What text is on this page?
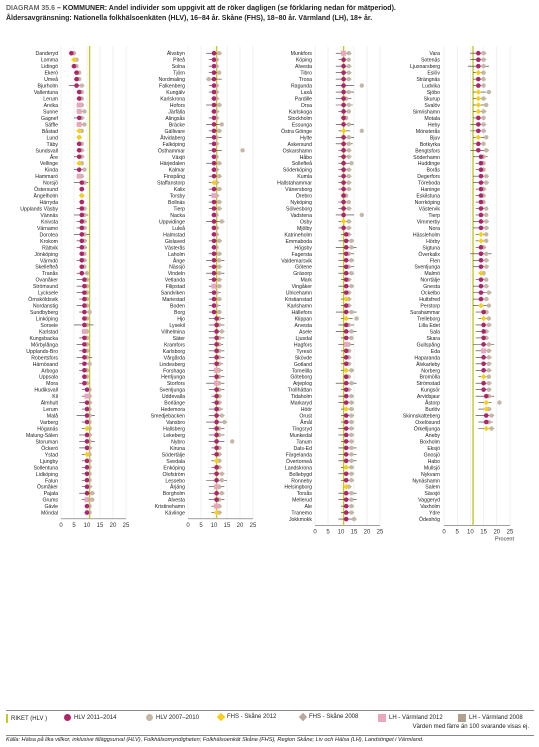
DIAGRAM 35.6 – KOMMUNER: Andel individer som uppgivit att de röker dagligen (se förklaring nedan för mätperiod).
Åldersavgränsning: Nationella folkhälsoenkäten (HLV), 16–84 år. Skåne (FHS), 18–80 år. Värmland (LH), 18+ år.
0 5 10 15 20 25
Danderyd
Lomma
Lidingö
Ekerö
Umeå
Bjurholm
Vallentuna
Lerum
Arvika
Sunne
Gagnef
Säffle
Båstad
Lund
Täby
Sundsvall
Åre
Vellinge
Kinda
Hammarö
Norsjö
Östersund
Ängelholm
Härryda
Upplands Väsby
Vännäs
Knivsta
Värnamo
Dorotea
Krokom
Rättvik
Jönköping
Värmdö
Skellefteå
Tranås
Ovanåker
Strömsund
Lycksele
Örnsköldsvik
Nordanstig
Sundbyberg
Linköping
Sorsele
Karlstad
Kungsbacka
Mörbylånga
Upplands-Bro
Robertsfors
Härnösand
Arboga
Uppsala
Mora
Hudiksvall
Kil
Älmhult
Lerum
Malå
Varberg
Höganäs
Malung-Sälen
Storuman
Öckerö
Ystad
Ljungby
Sollentuna
Lidköping
Falun
Ösmåker
Pajala
Grums
Gävle
Möndal
0 5 10 15 20 25
Älvsbyn
Piteå
Solna
Tjörn
Nordmaling
Falkenberg
Kungälv
Karlskrona
Hofors
Järfälla
Alingsås
Bräcke
Gällivare
Åtvidaberg
Falköping
Östhammar
Växjö
Härjedalen
Kalmar
Finspång
Staffanstorp
Kalix
Torsby
Bollnäs
Tierp
Nacka
Uppvidinge
Luleå
Halmstad
Gislaved
Västerås
Laholm
Ånge
Nässjö
Vindeln
Vetlanda
Filipstad
Sandviken
Mariestad
Boden
Borg
Hjo
Lysekil
Vilhelmina
Säter
Kramfors
Karlsborg
Vårgårda
Lindesberg
Forshaga
Herrljunga
Storfors
Svenljunga
Uddevalla
Borlänge
Hedemora
Smedjebacken
Vansbro
Hallsberg
Lekeberg
Nybro
Kiruna
Södertälje
Svedala
Enköping
Olofström
Lessebo
Årjäng
Borgholm
Alvesta
Kristinehamn
Kävlinge
0 5 10 15 20 25
Munkfors
Köping
Alvesta
Tibro
Trosa
Ragunda
Laxå
Pardille
Orsa
Karlskoga
Stockholm
Essunga
Östra Göinge
Hylte
Askersund
Oskarshamn
Håbo
Sollefteå
Söderköping
Kumla
Hallstahammar
Vänersborg
Örebro
Nyköping
Sölvesborg
Vadstena
Osby
Mjölby
Katrineholm
Emmaboda
Högsby
Fagersta
Valdemarsvik
Götene
Gräsorp
Mark
Vingåker
Ulricehamn
Kristianstad
Karlshamn
Hällefors
Klippan
Arvesta
Asele
Ljusdal
Hagfors
Tyresö
Skövde
Gotland
Tomelilla
Göteborg
Arjeplog
Trollhättan
Tidaholm
Markaryd
Höör
Orust
Åmål
Tingsryd
Munkedal
Tanum
Dals-Ed
Färgelanda
Övertorneå
Landskrona
Bollebygd
Ronneby
Helsingborg
Torsås
Mellerud
Ale
Tranemo
Jokkmokk
0 5 10 15 20 25
Vara
Sotenäs
Ljusnarsberg
Eslöv
Strängnäs
Ludvika
Sjöbo
Skurup
Svalöv
Simrishamn
Motala
Heby
Mönsterås
Bjuv
Botkyrka
Bengtsfors
Söderhamn
Huddinge
Borås
Degerfors
Töreboda
Haninge
Eskilstuna
Norrköping
Västervik
Tierp
Vimmerby
Nora
Hässleholm
Hörby
Sigtuna
Överkalix
Flen
Svenljunga
Malmö
Norrtälje
Gnesta
Ockelbo
Hultsfred
Perstorp
Surahammar
Trelleborg
Lilla Edet
Sala
Skara
Gullspång
Eda
Haparanda
Älvkarleby
Norberg
Bromölla
Strömstad
Kungsör
Arvidsjaur
Åstorp
Burlöv
Skinnskatteberg
Oxelösund
Örkelljunga
Aneby
Boxholm
Eksjö
Gnosjö
Habo
Mullsjö
Nykvarn
Nynäshamn
Salem
Sävsjö
Vaggeryd
Vaxholm
Ydre
Ödeshög
Procent
RIKET (HLV )	HLV 2011–2014	HLV 2007–2010	FHS - Skåne 2012	FHS - Skåne 2008	LH - Värmland 2012	LH - Värmland 2008
Värden med färre än 100 svarande visas ej.
Källa: Hälsa på lika villkor, inklusive tilläggsurval (HLV), Folkhälsomyndigheten; Folkhälsoenkät Skåne (FHS), Region Skåne; Liv och Hälsa (LH), Landstinget i Värmland.
